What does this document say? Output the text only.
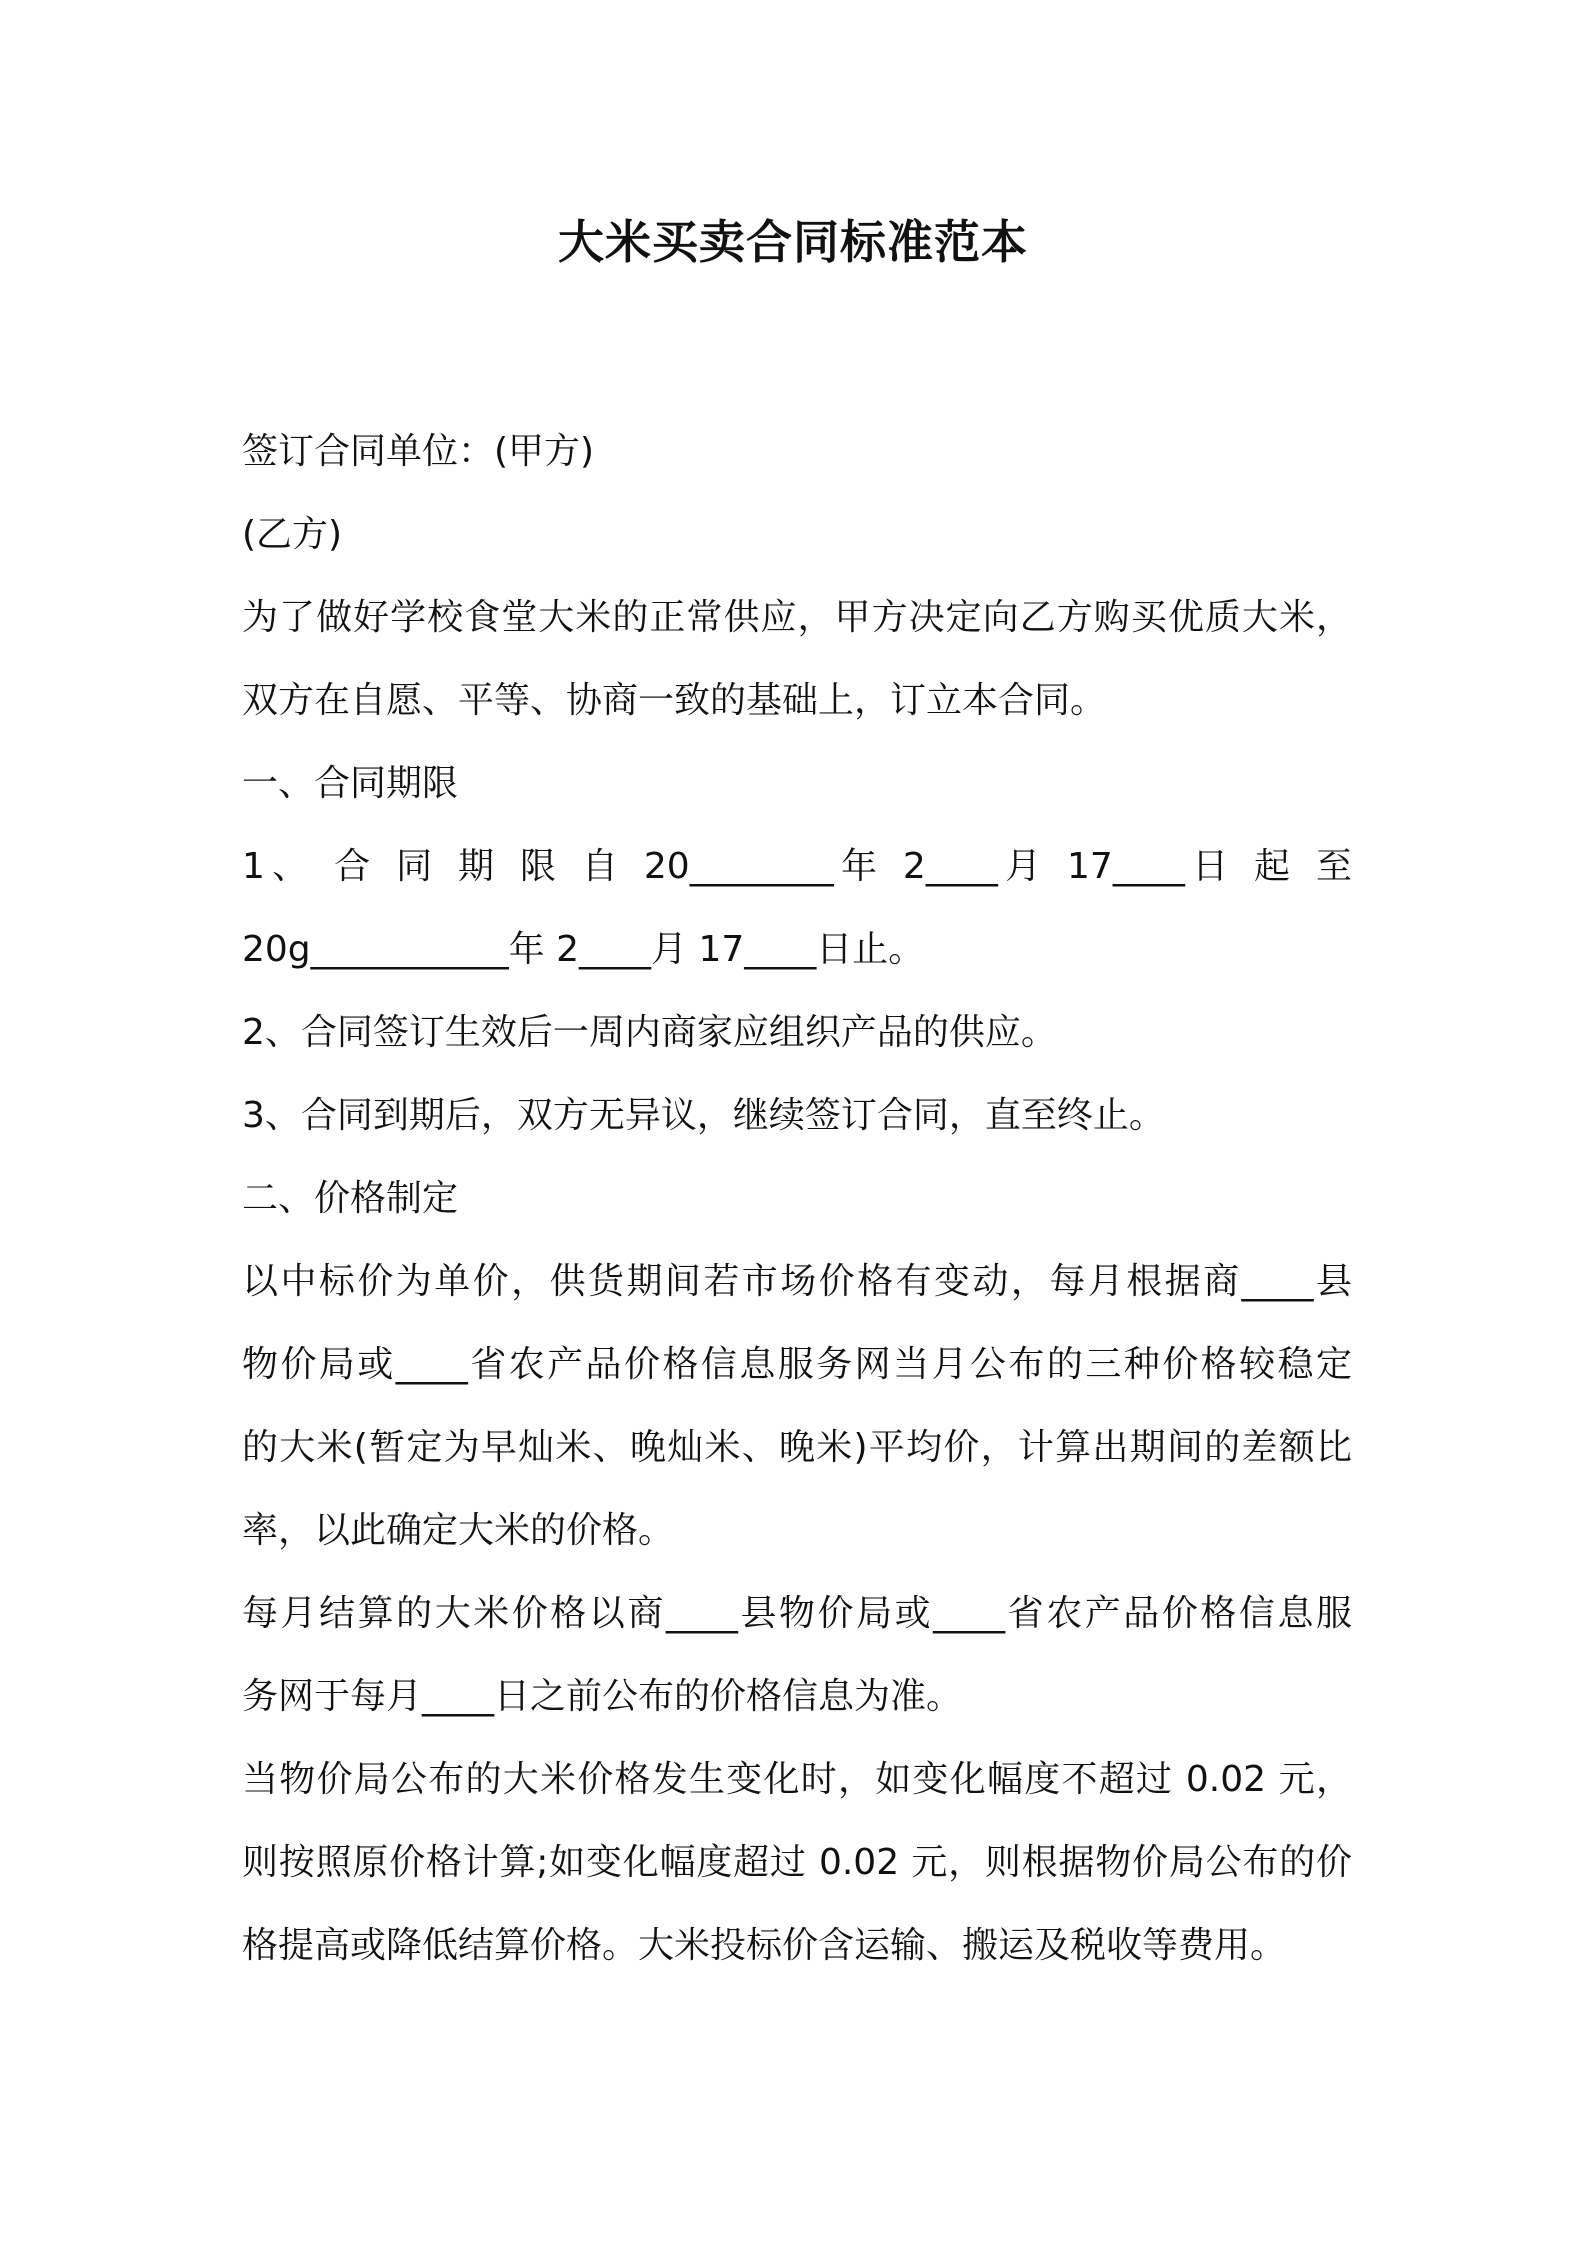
大米买卖合同标准范本

签订合同单位：(甲方)

(乙方)

为了做好学校食堂大米的正常供应，甲方决定向乙方购买优质大米，

双方在自愿、平等、协商一致的基础上，订立本合同。

一、合同期限

1、 合 同 期 限 自 20________年 2____月 17____日 起 至

20g___________年 2____月 17____日止。

2、合同签订生效后一周内商家应组织产品的供应。

3、合同到期后，双方无异议，继续签订合同，直至终止。

二、价格制定

以中标价为单价，供货期间若市场价格有变动，每月根据商____县

物价局或____省农产品价格信息服务网当月公布的三种价格较稳定

的大米(暂定为早灿米、晚灿米、晚米)平均价，计算出期间的差额比

率，以此确定大米的价格。

每月结算的大米价格以商____县物价局或____省农产品价格信息服

务网于每月____日之前公布的价格信息为准。

当物价局公布的大米价格发生变化时，如变化幅度不超过 0.02 元，

则按照原价格计算;如变化幅度超过 0.02 元，则根据物价局公布的价

格提高或降低结算价格。大米投标价含运输、搬运及税收等费用。
